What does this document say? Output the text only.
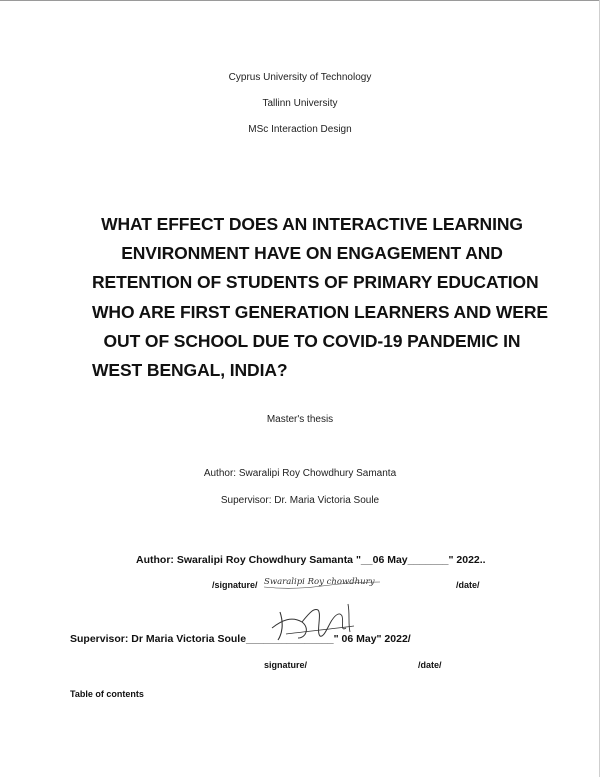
Cyprus University of Technology
Tallinn University
MSc Interaction Design
WHAT EFFECT DOES AN INTERACTIVE LEARNING
ENVIRONMENT HAVE ON ENGAGEMENT AND
RETENTION OF STUDENTS OF PRIMARY EDUCATION
WHO ARE FIRST GENERATION LEARNERS AND WERE
OUT OF SCHOOL DUE TO COVID-19 PANDEMIC IN
WEST BENGAL, INDIA?
Master's thesis
Author: Swaralipi Roy Chowdhury Samanta
Supervisor: Dr. Maria Victoria Soule
Author: Swaralipi Roy Chowdhury Samanta "__06 May_______" 2022..
/signature/ Swaralipi Roy chowdhury	/date/
Supervisor: Dr Maria Victoria Soule_______________" 06 May" 2022/
signature/	/date/
Table of contents
